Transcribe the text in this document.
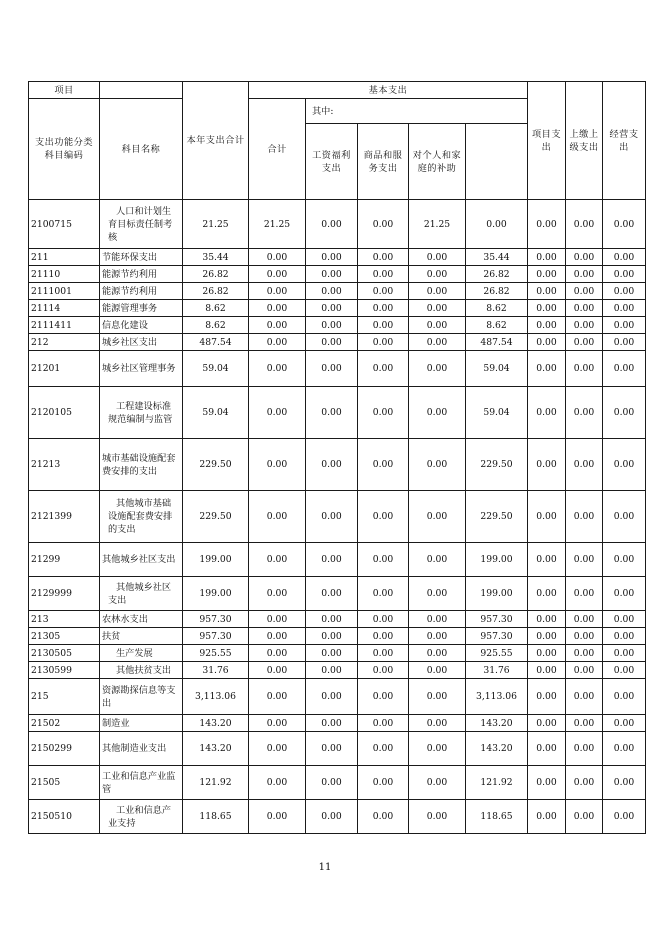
项目		本年支出合计	基本支出					项目支出	上缴上级支出	经营支出	
支出功能分类科目编码	科目名称		合计	其中:							
				工资福利支出	商品和服务支出	对个人和家庭的补助					
2100715	人口和计划生育目标责任制考核	21.25	21.25	0.00	0.00	21.25	0.00	0.00	0.00	0.00	
211	节能环保支出	35.44	0.00	0.00	0.00	0.00	35.44	0.00	0.00	0.00	
21110	能源节约利用	26.82	0.00	0.00	0.00	0.00	26.82	0.00	0.00	0.00	
2111001	能源节约利用	26.82	0.00	0.00	0.00	0.00	26.82	0.00	0.00	0.00	
21114	能源管理事务	8.62	0.00	0.00	0.00	0.00	8.62	0.00	0.00	0.00	
2111411	信息化建设	8.62	0.00	0.00	0.00	0.00	8.62	0.00	0.00	0.00	
212	城乡社区支出	487.54	0.00	0.00	0.00	0.00	487.54	0.00	0.00	0.00	
21201	城乡社区管理事务	59.04	0.00	0.00	0.00	0.00	59.04	0.00	0.00	0.00	
2120105	工程建设标准规范编制与监管	59.04	0.00	0.00	0.00	0.00	59.04	0.00	0.00	0.00	
21213	城市基础设施配套费安排的支出	229.50	0.00	0.00	0.00	0.00	229.50	0.00	0.00	0.00	
2121399	其他城市基础设施配套费安排的支出	229.50	0.00	0.00	0.00	0.00	229.50	0.00	0.00	0.00	
21299	其他城乡社区支出	199.00	0.00	0.00	0.00	0.00	199.00	0.00	0.00	0.00	
2129999	其他城乡社区支出	199.00	0.00	0.00	0.00	0.00	199.00	0.00	0.00	0.00	
213	农林水支出	957.30	0.00	0.00	0.00	0.00	957.30	0.00	0.00	0.00	
21305	扶贫	957.30	0.00	0.00	0.00	0.00	957.30	0.00	0.00	0.00	
2130505	生产发展	925.55	0.00	0.00	0.00	0.00	925.55	0.00	0.00	0.00	
2130599	其他扶贫支出	31.76	0.00	0.00	0.00	0.00	31.76	0.00	0.00	0.00	
215	资源勘探信息等支出	3,113.06	0.00	0.00	0.00	0.00	3,113.06	0.00	0.00	0.00	
21502	制造业	143.20	0.00	0.00	0.00	0.00	143.20	0.00	0.00	0.00	
2150299	其他制造业支出	143.20	0.00	0.00	0.00	0.00	143.20	0.00	0.00	0.00	
21505	工业和信息产业监管	121.92	0.00	0.00	0.00	0.00	121.92	0.00	0.00	0.00	
2150510	工业和信息产业支持	118.65	0.00	0.00	0.00	0.00	118.65	0.00	0.00	0.00	
11
